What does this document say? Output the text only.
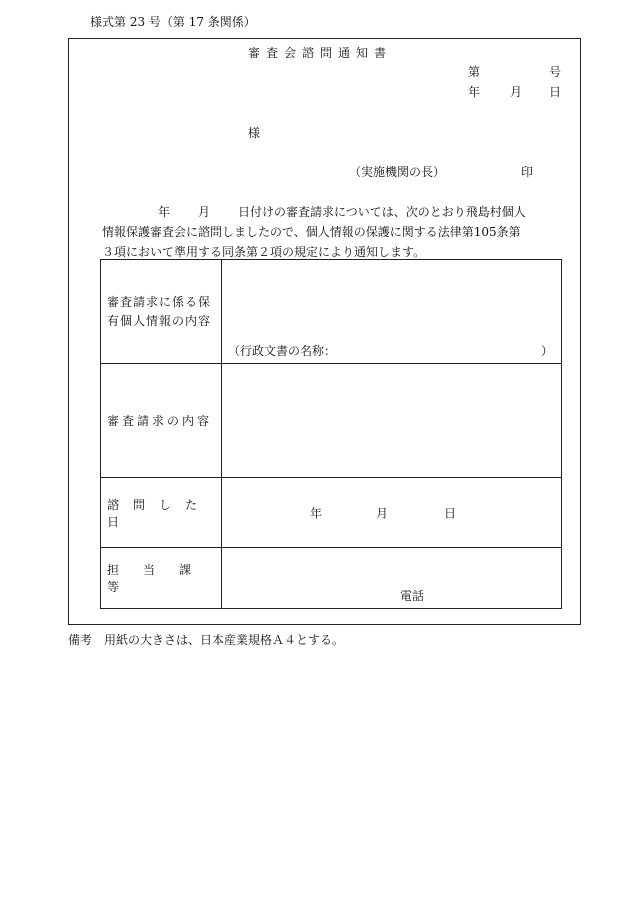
様式第 23 号（第 17 条関係）
審査会諮問通知書
第	号
年 月 日
様
（実施機関の長）	印
年 月 日付けの審査請求については、次のとおり飛島村個人
情報保護審査会に諮問しましたので、個人情報の保護に関する法律第105条第
３項において準用する同条第２項の規定により通知します。
審査請求に係る保有個人情報の内容	（行政文書の名称： ）

審査請求の内容	
諮問した日	年 月 日

担当課等	電話
備考　用紙の大きさは、日本産業規格Ａ４とする。
